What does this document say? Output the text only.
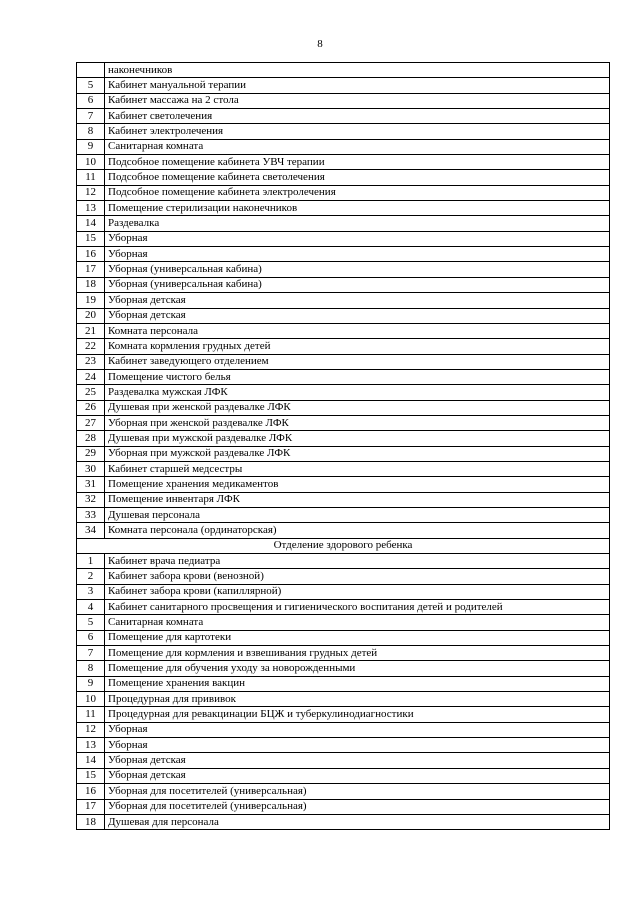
8
	наконечников
5	Кабинет мануальной терапии
6	Кабинет массажа на 2 стола
7	Кабинет светолечения
8	Кабинет электролечения
9	Санитарная комната
10	Подсобное помещение кабинета УВЧ терапии
11	Подсобное помещение кабинета светолечения
12	Подсобное помещение кабинета электролечения
13	Помещение стерилизации наконечников
14	Раздевалка
15	Уборная
16	Уборная
17	Уборная (универсальная кабина)
18	Уборная (универсальная кабина)
19	Уборная детская
20	Уборная детская
21	Комната персонала
22	Комната кормления грудных детей
23	Кабинет заведующего отделением
24	Помещение чистого белья
25	Раздевалка мужская ЛФК
26	Душевая при женской раздевалке ЛФК
27	Уборная при женской раздевалке ЛФК
28	Душевая при мужской раздевалке ЛФК
29	Уборная при мужской раздевалке ЛФК
30	Кабинет старшей медсестры
31	Помещение хранения медикаментов
32	Помещение инвентаря ЛФК
33	Душевая персонала
34	Комната персонала (ординаторская)
Отделение здорового ребенка	
1	Кабинет врача педиатра
2	Кабинет забора крови (венозной)
3	Кабинет забора крови (капиллярной)
4	Кабинет санитарного просвещения и гигиенического воспитания детей и родителей
5	Санитарная комната
6	Помещение для картотеки
7	Помещение для кормления и взвешивания грудных детей
8	Помещение для обучения уходу за новорожденными
9	Помещение хранения вакцин
10	Процедурная для прививок
11	Процедурная для ревакцинации БЦЖ и туберкулинодиагностики
12	Уборная
13	Уборная
14	Уборная детская
15	Уборная детская
16	Уборная для посетителей (универсальная)
17	Уборная для посетителей (универсальная)
18	Душевая для персонала
